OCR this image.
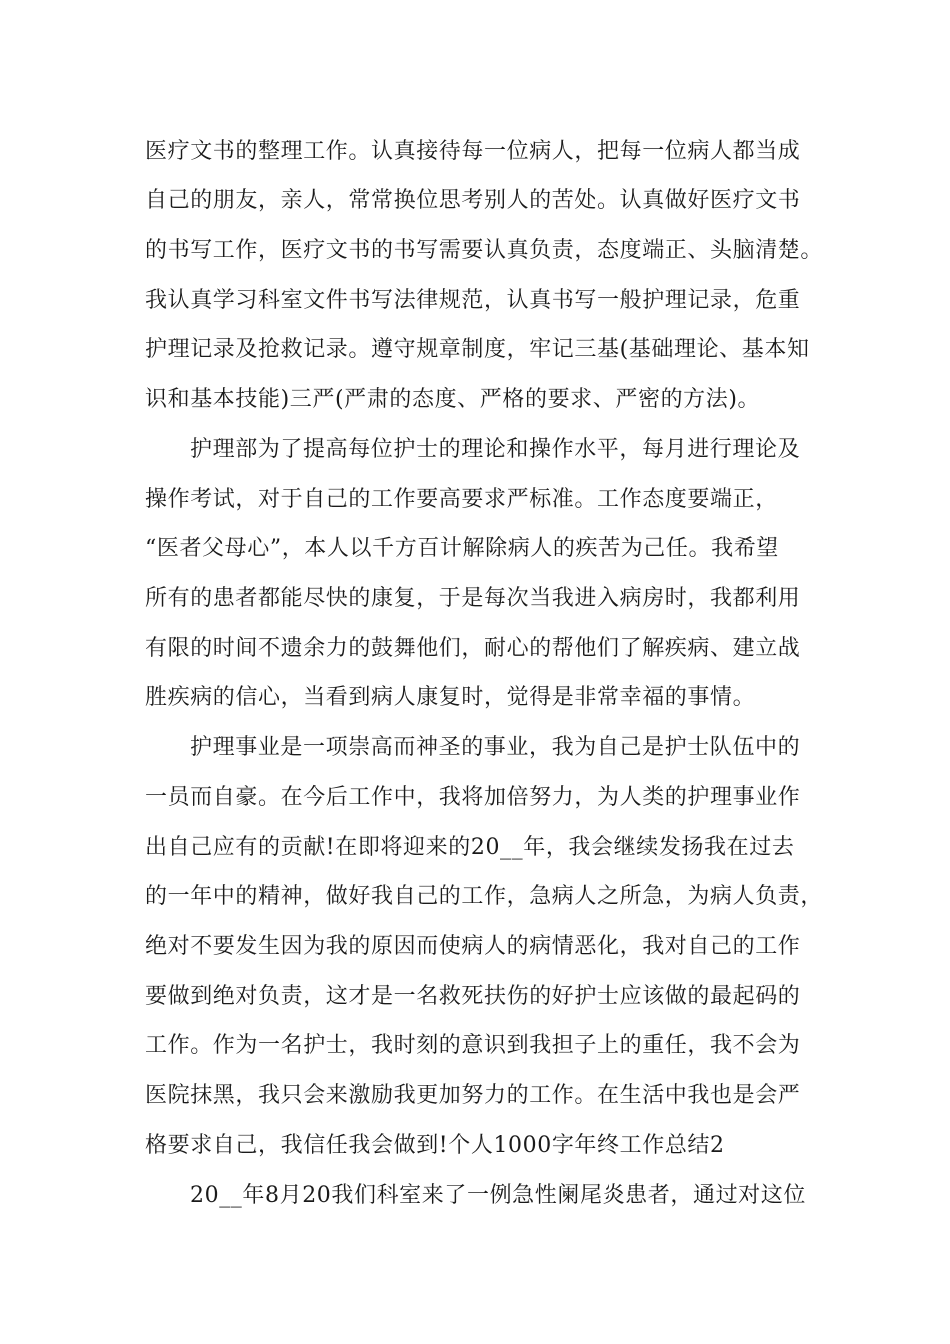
医疗文书的整理工作。认真接待每一位病人，把每一位病人都当成
自己的朋友，亲人，常常换位思考别人的苦处。认真做好医疗文书
的书写工作，医疗文书的书写需要认真负责，态度端正、头脑清楚。
我认真学习科室文件书写法律规范，认真书写一般护理记录，危重
护理记录及抢救记录。遵守规章制度，牢记三基(基础理论、基本知
识和基本技能)三严(严肃的态度、严格的要求、严密的方法)。
护理部为了提高每位护士的理论和操作水平，每月进行理论及
操作考试，对于自己的工作要高要求严标准。工作态度要端正，
“医者父母心”，本人以千方百计解除病人的疾苦为己任。我希望
所有的患者都能尽快的康复，于是每次当我进入病房时，我都利用
有限的时间不遗余力的鼓舞他们，耐心的帮他们了解疾病、建立战
胜疾病的信心，当看到病人康复时，觉得是非常幸福的事情。
护理事业是一项崇高而神圣的事业，我为自己是护士队伍中的
一员而自豪。在今后工作中，我将加倍努力，为人类的护理事业作
出自己应有的贡献!在即将迎来的20__年，我会继续发扬我在过去
的一年中的精神，做好我自己的工作，急病人之所急，为病人负责，
绝对不要发生因为我的原因而使病人的病情恶化，我对自己的工作
要做到绝对负责，这才是一名救死扶伤的好护士应该做的最起码的
工作。作为一名护士，我时刻的意识到我担子上的重任，我不会为
医院抹黑，我只会来激励我更加努力的工作。在生活中我也是会严
格要求自己，我信任我会做到!个人1000字年终工作总结2
20__年8月20我们科室来了一例急性阑尾炎患者，通过对这位
